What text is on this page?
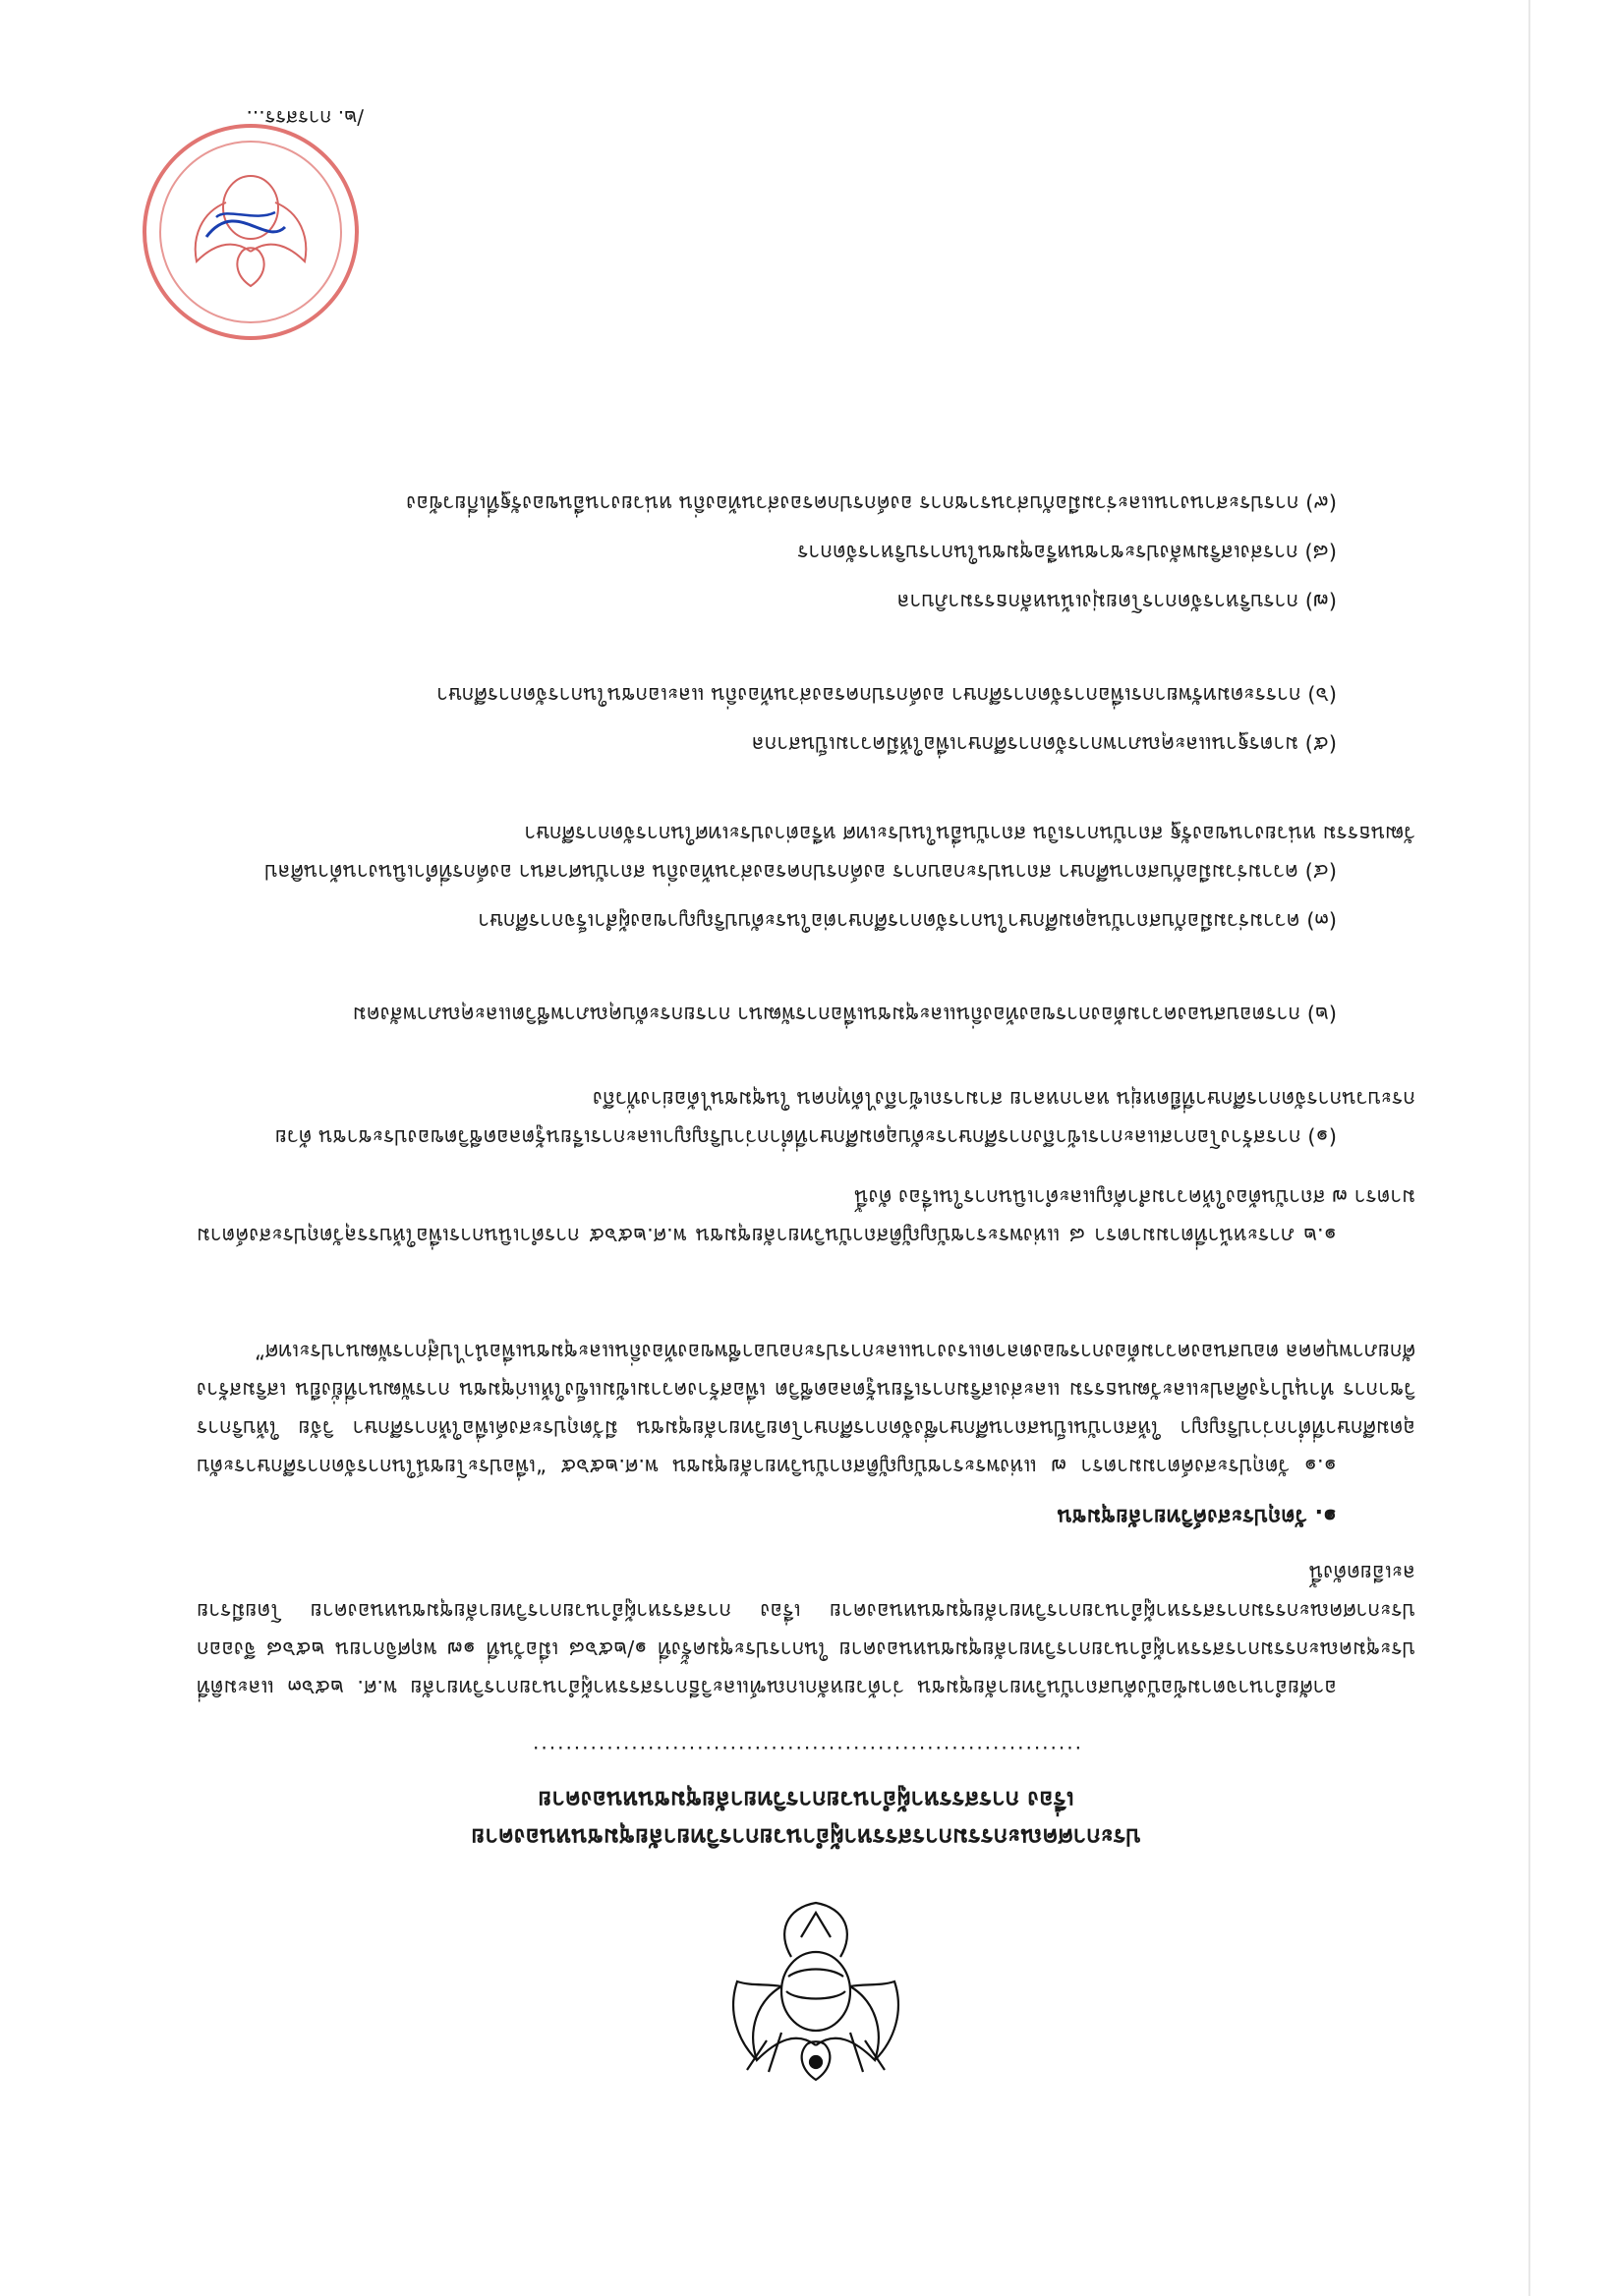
ประกาศคณะกรรมการสรรหาผู้อำนวยการวิทยาลัยชุมชนหนองคาย
เรื่อง การสรรหาผู้อำนวยการวิทยาลัยชุมชนหนองคาย
...................................................................
อาศัยอำนาจตามข้อบังคับสถาบันวิทยาลัยชุมชน ว่าด้วยหลักเกณฑ์และวิธีการสรรหาผู้อำนวยการวิทยาลัย พ.ศ. ๒๕๖๓ และมติที่ประชุมคณะกรรมการสรรหาผู้อำนวยการวิทยาลัยชุมชนหนองคาย ในการประชุมครั้งที่ ๑/๒๕๖๘ เมื่อวันที่ ๑๗ พฤศจิกายน ๒๕๖๘ จึงออกประกาศคณะกรรมการสรรหาผู้อำนวยการวิทยาลัยชุมชนหนองคาย เรื่อง การสรรหาผู้อำนวยการวิทยาลัยชุมชนหนองคาย โดยมีรายละเอียดดังนี้
๑. วัตถุประสงค์วิทยาลัยชุมชน
๑.๑ วัตถุประสงค์ตามมาตรา ๗ แห่งพระราชบัญญัติสถาบันวิทยาลัยชุมชน พ.ศ.๒๕๖๕ “เพื่อประโยชน์ในการจัดการศึกษาระดับอุดมศึกษาที่ต่ำกว่าปริญญา ให้สถาบันเป็นสถานศึกษาซึ่งจัดการศึกษาโดยวิทยาลัยชุมชน มีวัตถุประสงค์เพื่อให้การศึกษา วิจัย ให้บริการวิชาการ ทำนุบำรุงศิลปะและวัฒนธรรม และส่งเสริมการเรียนรู้ตลอดชีวิต เพื่อสร้างความเข้มแข็งให้แก่ชุมชน การพัฒนาที่ยั่งยืน เสริมสร้างศักยภาพบุคคล ตอบสนองความต้องการของตลาดแรงงานและการประกอบอาชีพของท้องถิ่นและชุมชนเพื่อนำไปสู่การพัฒนาประเทศ”
๑.๒ ภาระหน้าที่ตามมาตรา ๘ แห่งพระราชบัญญัติสถาบันวิทยาลัยชุมชน พ.ศ.๒๕๖๕ การดำเนินการเพื่อให้บรรลุวัตถุประสงค์ตามมาตรา ๗ สถาบันต้องให้ความสำคัญและดำเนินการในเรื่อง ดังนี้
(๑) การสร้างโอกาสและการเข้าถึงการศึกษาระดับอุดมศึกษาที่ต่ำกว่าปริญญาและการเรียนรู้ตลอดชีวิตของประชาชน ด้วยกระบวนการจัดการศึกษาที่ยืดหยุ่น หลากหลาย สามารถเข้าถึงได้ทุกคน ในชุมชนได้อย่างทั่วถึง
(๒) การตอบสนองความต้องการของท้องถิ่นและชุมชนเพื่อการพัฒนา การยกระดับคุณภาพชีวิตและคุณภาพสังคม
(๓) ความร่วมมือกับสถาบันอุดมศึกษาในการจัดการศึกษาต่อในระดับปริญญาของผู้สำเร็จการศึกษา
(๔) ความร่วมมือกับสถานศึกษา สถานประกอบการ องค์กรปกครองส่วนท้องถิ่น สถาบันศาสนา องค์กรที่ดำเนินงานด้านศิลปวัฒนธรรม หน่วยงานของรัฐ สถาบันการเงิน สถาบันอื่นในประเทศ หรือต่างประเทศในการจัดการศึกษา
(๕) มาตรฐานและคุณภาพการจัดการศึกษาเพื่อให้มีความเป็นสากล
(๖) การระดมทรัพยากรเพื่อการจัดการศึกษา องค์กรปกครองส่วนท้องถิ่น และเอกชนในการจัดการศึกษา
(๗) การบริหารจัดการโดยมุ่งเน้นหลักธรรมาภิบาล
(๘) การส่งเสริมพลังประชาชนหรือชุมชนในการบริหารจัดการ
(๙) การประสานงานและร่วมมือกับส่วนราชการ องค์กรปกครองส่วนท้องถิ่น หน่วยงานอื่นของรัฐที่เกี่ยวข้อง
/๒. การสรร...
